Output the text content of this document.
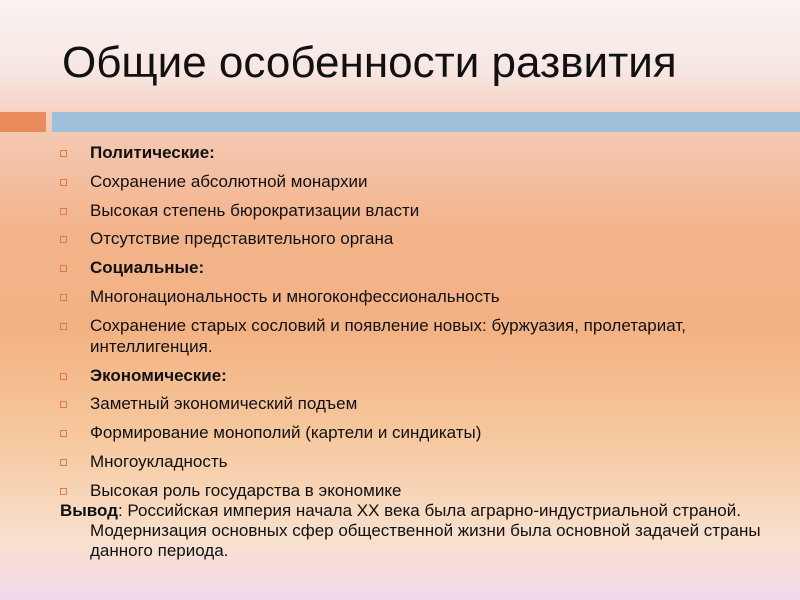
Общие особенности развития
Политические:
Сохранение абсолютной монархии
Высокая степень бюрократизации власти
Отсутствие представительного органа
Социальные:
Многонациональность и многоконфессиональность
Сохранение старых сословий и появление новых: буржуазия, пролетариат, интеллигенция.
Экономические:
Заметный экономический подъем
Формирование монополий (картели и синдикаты)
Многоукладность
Высокая роль государства в экономике

Вывод: Российская империя начала XX века была аграрно-индустриальной страной. Модернизация основных сфер общественной жизни была основной задачей страны данного периода.
